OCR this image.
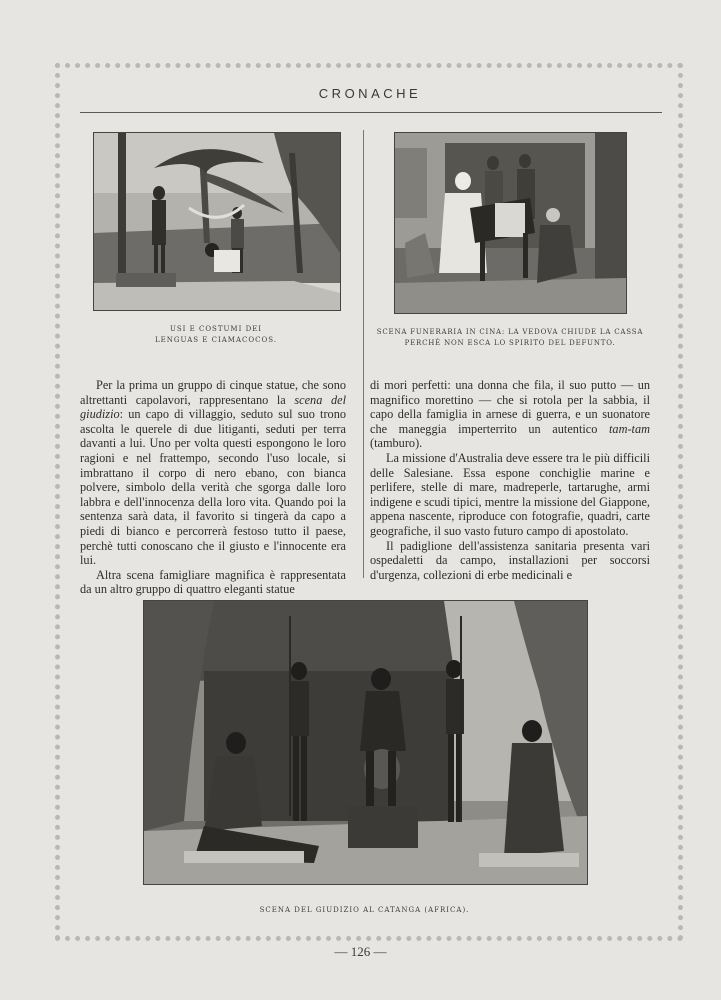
CRONACHE
USI E COSTUMI DEI
LENGUAS E CIAMACOCOS.
SCENA FUNERARIA IN CINA: LA VEDOVA CHIUDE LA CASSA
PERCHÈ NON ESCA LO SPIRITO DEL DEFUNTO.

Per la prima un gruppo di cinque statue, che sono altrettanti capolavori, rappresentano la scena del giudizio: un capo di villaggio, seduto sul suo trono ascolta le querele di due litiganti, seduti per terra davanti a lui. Uno per volta questi espongono le loro ragioni e nel frattempo, secondo l'uso locale, si imbrattano il corpo di nero ebano, con bianca polvere, simbolo della verità che sgorga dalle loro labbra e dell'innocenza della loro vita. Quando poi la sentenza sarà data, il favorito si tingerà da capo a piedi di bianco e percorrerà festoso tutto il paese, perchè tutti conoscano che il giusto e l'innocente era lui.

Altra scena famigliare magnifica è rappresentata da un altro gruppo di quattro eleganti statue

di mori perfetti: una donna che fila, il suo putto — un magnifico morettino — che si rotola per la sabbia, il capo della famiglia in arnese di guerra, e un suonatore che maneggia imperterrito un autentico tam-tam (tamburo).

La missione d'Australia deve essere tra le più difficili delle Salesiane. Essa espone conchiglie marine e perlifere, stelle di mare, madreperle, tartarughe, armi indigene e scudi tipici, mentre la missione del Giappone, appena nascente, riproduce con fotografie, quadri, carte geografiche, il suo vasto futuro campo di apostolato.

Il padiglione dell'assistenza sanitaria presenta vari ospedaletti da campo, installazioni per soccorsi d'urgenza, collezioni di erbe medicinali e

SCENA DEL GIUDIZIO AL CATANGA (AFRICA).
— 126 —
